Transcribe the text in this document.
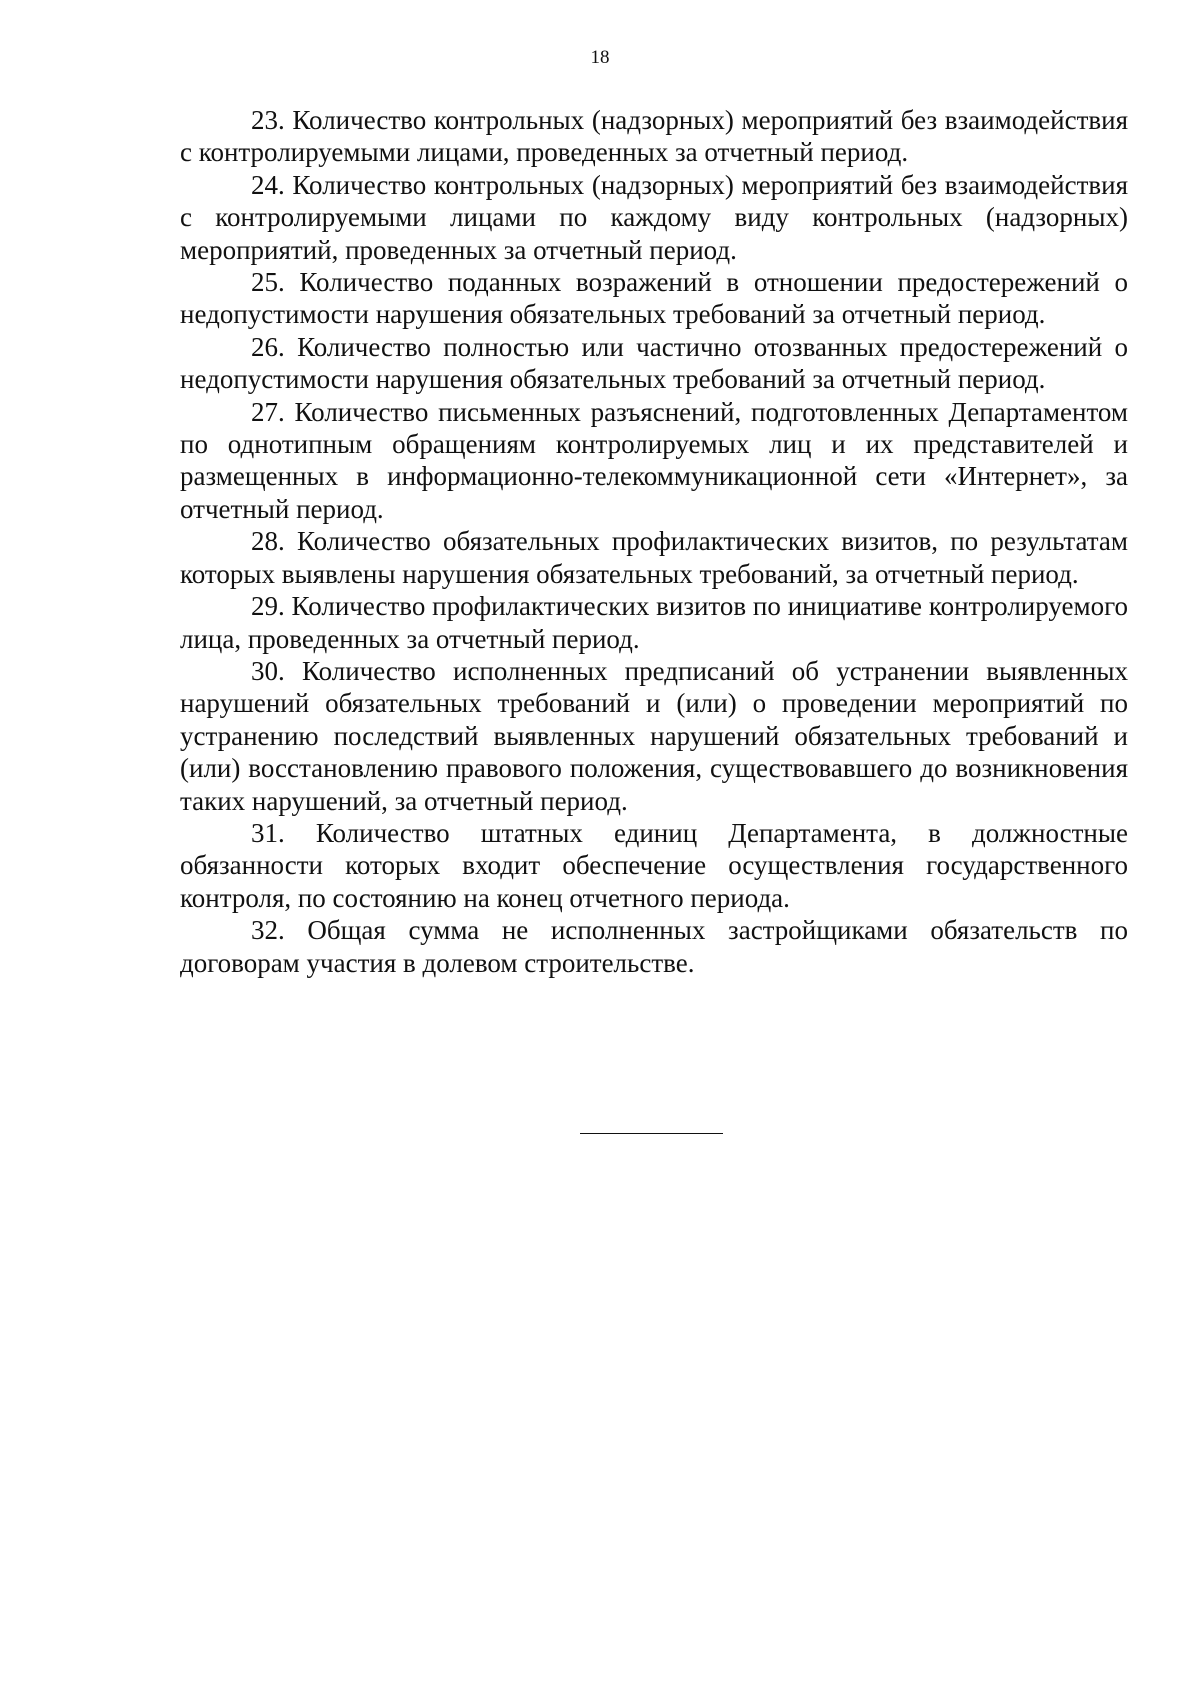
18

23. Количество контрольных (надзорных) мероприятий без взаимодействия с контролируемыми лицами, проведенных за отчетный период.

24. Количество контрольных (надзорных) мероприятий без взаимодействия с контролируемыми лицами по каждому виду контрольных (надзорных) мероприятий, проведенных за отчетный период.

25. Количество поданных возражений в отношении предостережений о недопустимости нарушения обязательных требований за отчетный период.

26. Количество полностью или частично отозванных предостережений о недопустимости нарушения обязательных требований за отчетный период.

27. Количество письменных разъяснений, подготовленных Департаментом по однотипным обращениям контролируемых лиц и их представителей и размещенных в информационно-телекоммуникационной сети «Интернет», за отчетный период.

28. Количество обязательных профилактических визитов, по результатам которых выявлены нарушения обязательных требований, за отчетный период.

29. Количество профилактических визитов по инициативе контролируемого лица, проведенных за отчетный период.

30. Количество исполненных предписаний об устранении выявленных нарушений обязательных требований и (или) о проведении мероприятий по устранению последствий выявленных нарушений обязательных требований и (или) восстановлению правового положения, существовавшего до возникновения таких нарушений, за отчетный период.

31. Количество штатных единиц Департамента, в должностные обязанности которых входит обеспечение осуществления государственного контроля, по состоянию на конец отчетного периода.

32. Общая сумма не исполненных застройщиками обязательств по договорам участия в долевом строительстве.
